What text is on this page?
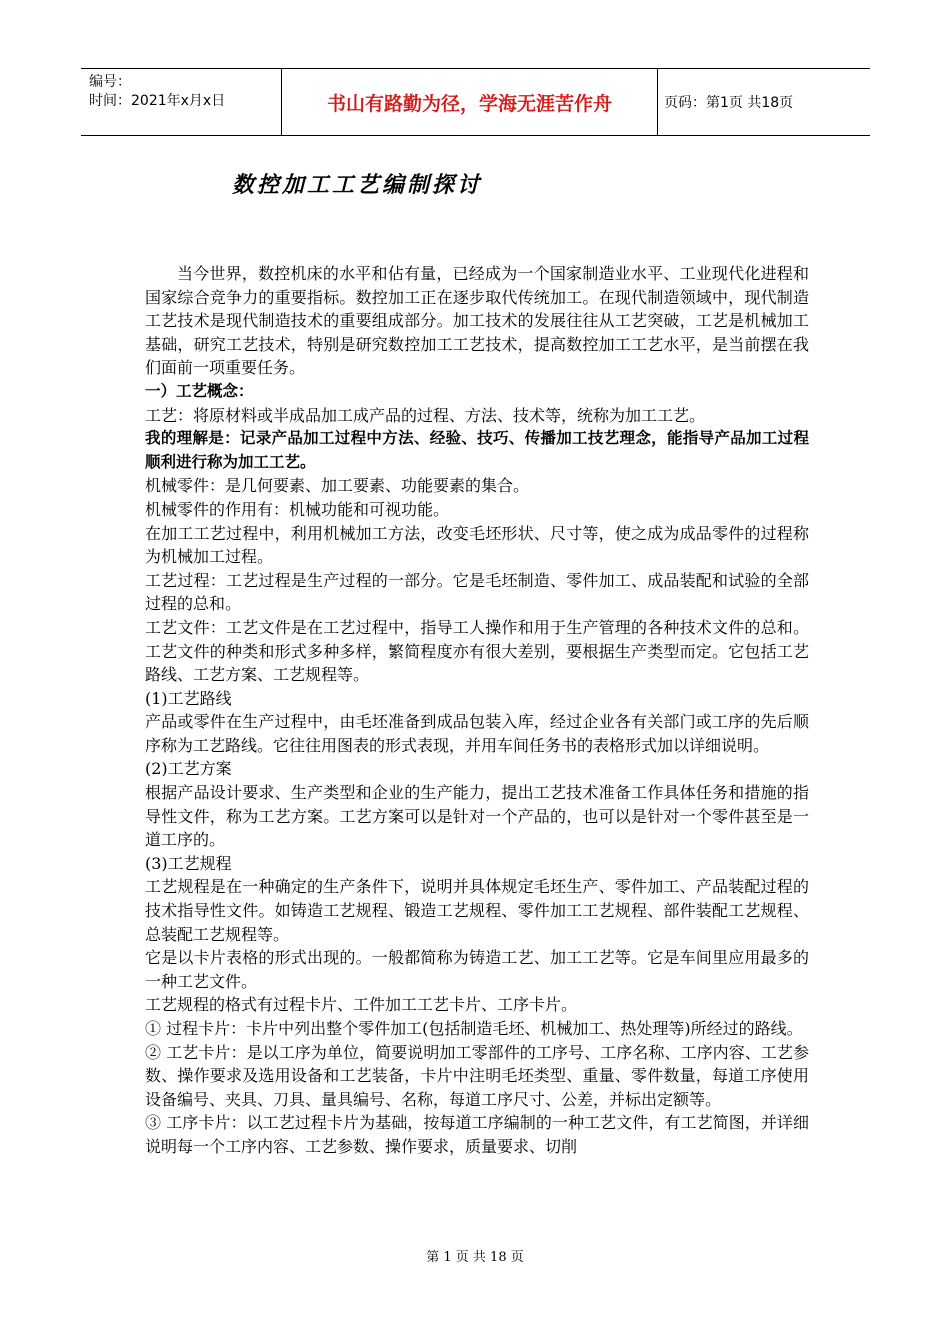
编号：
时间：2021年x月x日	书山有路勤为径，学海无涯苦作舟	页码：第1页 共18页
数控加工工艺编制探讨

当今世界，数控机床的水平和佔有量，已经成为一个国家制造业水平、工业现代化进程和国家综合竞争力的重要指标。数控加工正在逐步取代传统加工。在现代制造领域中，现代制造工艺技术是现代制造技术的重要组成部分。加工技术的发展往往从工艺突破，工艺是机械加工基础，研究工艺技术，特别是研究数控加工工艺技术，提高数控加工工艺水平，是当前摆在我们面前一项重要任务。

一）工艺概念：

工艺：将原材料或半成品加工成产品的过程、方法、技术等，统称为加工工艺。

我的理解是：记录产品加工过程中方法、经验、技巧、传播加工技艺理念，能指导产品加工过程顺利进行称为加工工艺。

机械零件：是几何要素、加工要素、功能要素的集合。

机械零件的作用有：机械功能和可视功能。

在加工工艺过程中，利用机械加工方法，改变毛坯形状、尺寸等，使之成为成品零件的过程称为机械加工过程。

工艺过程：工艺过程是生产过程的一部分。它是毛坯制造、零件加工、成品装配和试验的全部过程的总和。

工艺文件：工艺文件是在工艺过程中，指导工人操作和用于生产管理的各种技术文件的总和。工艺文件的种类和形式多种多样，繁简程度亦有很大差别，要根据生产类型而定。它包括工艺路线、工艺方案、工艺规程等。

(1)工艺路线

产品或零件在生产过程中，由毛坯准备到成品包装入库，经过企业各有关部门或工序的先后顺序称为工艺路线。它往往用图表的形式表现，并用车间任务书的表格形式加以详细说明。

(2)工艺方案

根据产品设计要求、生产类型和企业的生产能力，提出工艺技术准备工作具体任务和措施的指导性文件，称为工艺方案。工艺方案可以是针对一个产品的，也可以是针对一个零件甚至是一道工序的。

(3)工艺规程

工艺规程是在一种确定的生产条件下，说明并具体规定毛坯生产、零件加工、产品装配过程的技术指导性文件。如铸造工艺规程、锻造工艺规程、零件加工工艺规程、部件装配工艺规程、总装配工艺规程等。

它是以卡片表格的形式出现的。一般都简称为铸造工艺、加工工艺等。它是车间里应用最多的一种工艺文件。

工艺规程的格式有过程卡片、工件加工工艺卡片、工序卡片。

① 过程卡片：卡片中列出整个零件加工(包括制造毛坯、机械加工、热处理等)所经过的路线。

② 工艺卡片：是以工序为单位，简要说明加工零部件的工序号、工序名称、工序内容、工艺参数、操作要求及选用设备和工艺装备，卡片中注明毛坯类型、重量、零件数量，每道工序使用设备编号、夹具、刀具、量具编号、名称，每道工序尺寸、公差，并标出定额等。

③ 工序卡片：以工艺过程卡片为基础，按每道工序编制的一种工艺文件，有工艺简图，并详细说明每一个工序内容、工艺参数、操作要求，质量要求、切削

第 1 页 共 18 页
